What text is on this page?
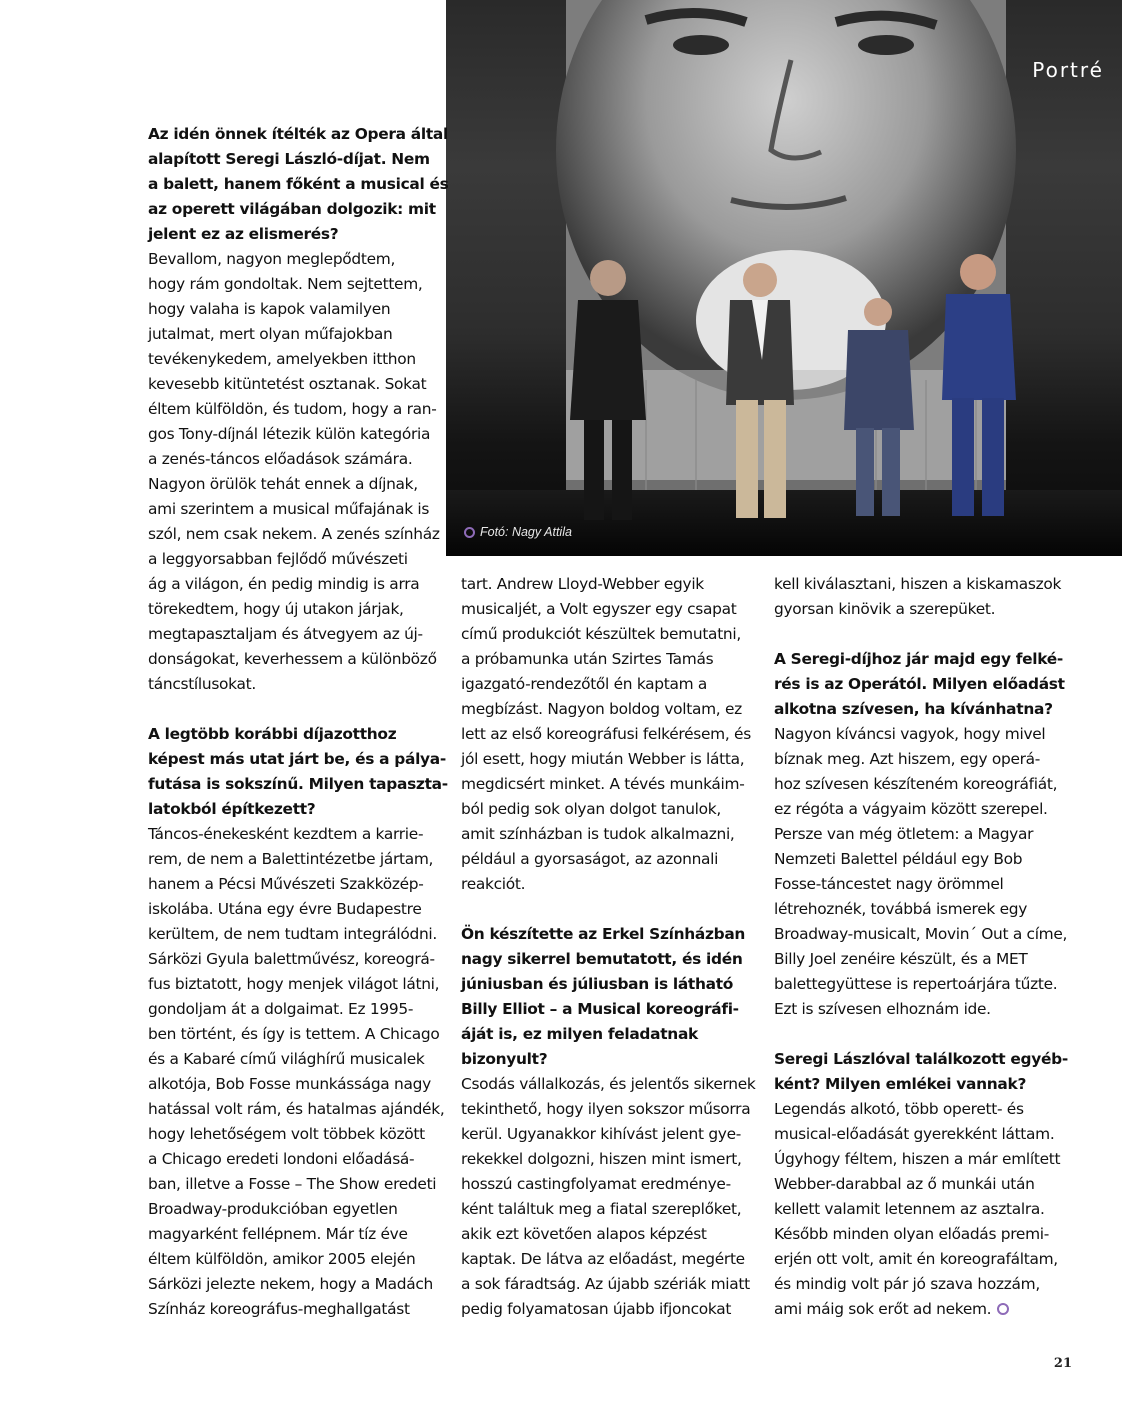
Portré
Fotó: Nagy Attila
Az idén önnek ítélték az Opera által
alapított Seregi László-díjat. Nem
a balett, hanem főként a musical és
az operett világában dolgozik: mit
jelent ez az elismerés?
Bevallom, nagyon meglepődtem,
hogy rám gondoltak. Nem sejtettem,
hogy valaha is kapok valamilyen
jutalmat, mert olyan műfajokban
tevékenykedem, amelyekben itthon
kevesebb kitüntetést osztanak. Sokat
éltem külföldön, és tudom, hogy a ran-
gos Tony-díjnál létezik külön kategória
a zenés-táncos előadások számára.
Nagyon örülök tehát ennek a díjnak,
ami szerintem a musical műfajának is
szól, nem csak nekem. A zenés színház
a leggyorsabban fejlődő művészeti
ág a világon, én pedig mindig is arra
törekedtem, hogy új utakon járjak,
megtapasztaljam és átvegyem az új-
donságokat, keverhessem a különböző
táncstílusokat.
A legtöbb korábbi díjazotthoz
képest más utat járt be, és a pálya-
futása is sokszínű. Milyen tapaszta-
latokból építkezett?
Táncos-énekesként kezdtem a karrie-
rem, de nem a Balettintézetbe jártam,
hanem a Pécsi Művészeti Szakközép-
iskolába. Utána egy évre Budapestre
kerültem, de nem tudtam integrálódni.
Sárközi Gyula balettművész, koreográ-
fus biztatott, hogy menjek világot látni,
gondoljam át a dolgaimat. Ez 1995-
ben történt, és így is tettem. A Chicago
és a Kabaré című világhírű musicalek
alkotója, Bob Fosse munkássága nagy
hatással volt rám, és hatalmas ajándék,
hogy lehetőségem volt többek között
a Chicago eredeti londoni előadásá-
ban, illetve a Fosse – The Show eredeti
Broadway-produkcióban egyetlen
magyarként fellépnem. Már tíz éve
éltem külföldön, amikor 2005 elején
Sárközi jelezte nekem, hogy a Madách
Színház koreográfus-meghallgatást
tart. Andrew Lloyd-Webber egyik
musicaljét, a Volt egyszer egy csapat
című produkciót készültek bemutatni,
a próbamunka után Szirtes Tamás
igazgató-rendezőtől én kaptam a
megbízást. Nagyon boldog voltam, ez
lett az első koreográfusi felkérésem, és
jól esett, hogy miután Webber is látta,
megdicsért minket. A tévés munkáim-
ból pedig sok olyan dolgot tanulok,
amit színházban is tudok alkalmazni,
például a gyorsaságot, az azonnali
reakciót.
Ön készítette az Erkel Színházban
nagy sikerrel bemutatott, és idén
júniusban és júliusban is látható
Billy Elliot – a Musical koreográfi-
áját is, ez milyen feladatnak
bizonyult?
Csodás vállalkozás, és jelentős sikernek
tekinthető, hogy ilyen sokszor műsorra
kerül. Ugyanakkor kihívást jelent gye-
rekekkel dolgozni, hiszen mint ismert,
hosszú castingfolyamat eredménye-
ként találtuk meg a fiatal szereplőket,
akik ezt követően alapos képzést
kaptak. De látva az előadást, megérte
a sok fáradtság. Az újabb szériák miatt
pedig folyamatosan újabb ifjoncokat
kell kiválasztani, hiszen a kiskamaszok
gyorsan kinövik a szerepüket.
A Seregi-díjhoz jár majd egy felké-
rés is az Operától. Milyen előadást
alkotna szívesen, ha kívánhatna?
Nagyon kíváncsi vagyok, hogy mivel
bíznak meg. Azt hiszem, egy operá-
hoz szívesen készíteném koreográfiát,
ez régóta a vágyaim között szerepel.
Persze van még ötletem: a Magyar
Nemzeti Balettel például egy Bob
Fosse-táncestet nagy örömmel
létrehoznék, továbbá ismerek egy
Broadway-musicalt, Movin´ Out a címe,
Billy Joel zenéire készült, és a MET
balettegyüttese is repertoárjára tűzte.
Ezt is szívesen elhoznám ide.
Seregi Lászlóval találkozott egyéb-
ként? Milyen emlékei vannak?
Legendás alkotó, több operett- és
musical-előadását gyerekként láttam.
Úgyhogy féltem, hiszen a már említett
Webber-darabbal az ő munkái után
kellett valamit letennem az asztalra.
Később minden olyan előadás premi-
erjén ott volt, amit én koreografáltam,
és mindig volt pár jó szava hozzám,
ami máig sok erőt ad nekem.
21
